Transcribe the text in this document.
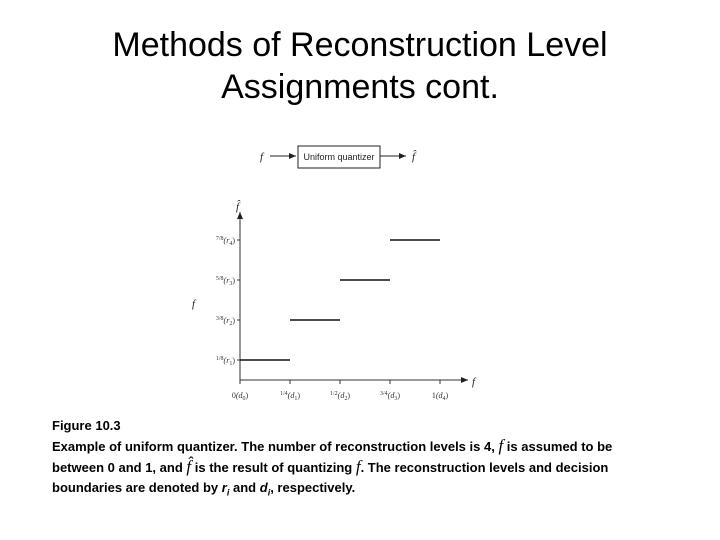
Methods of Reconstruction Level
Assignments cont.
f	Uniform quantizer	f̂
f̂
f
f
$^{7/8}(r_4)$
$^{5/8}(r_3)$
$^{3/8}(r_2)$
$^{1/8}(r_1)$
$0(d_0)$	$^{1/4}(d_1)$	$^{1/2}(d_2)$	$^{3/4}(d_3)$	$1(d_4)$
Figure 10.3
Example of uniform quantizer. The number of reconstruction levels is 4, f is assumed to be
between 0 and 1, and f̂ is the result of quantizing f. The reconstruction levels and decision
boundaries are denoted by $r_i$ and $d_i$, respectively.
